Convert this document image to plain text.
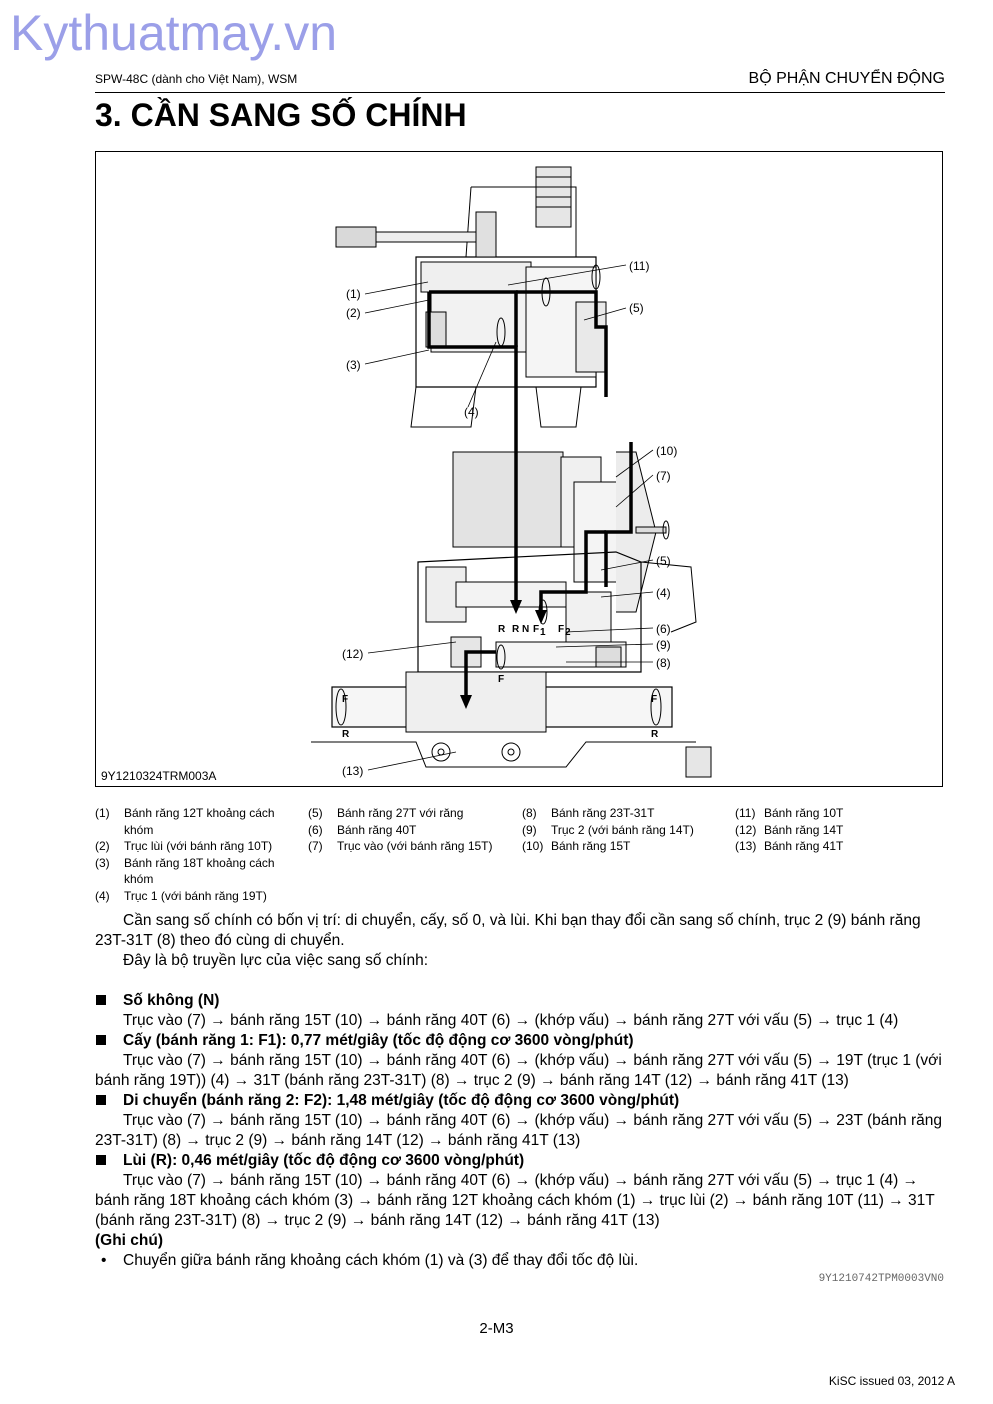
Kythuatmay.vn
SPW-48C (dành cho Việt Nam), WSM	BỘ PHẬN CHUYỂN ĐỘNG
3. CẦN SANG SỐ CHÍNH
(1)
(2)
(3)
(4)
(5)
(11)
(10)
(7)
(5)
(4)
(6)
(9)
(8)
(12)
(13)
R R N F 1 F 2
F
F
R
F
R
9Y1210324TRM003A
(1)	Bánh răng 12T khoảng cách khóm
(2)	Trục lùi (với bánh răng 10T)
(3)	Bánh răng 18T khoảng cách khóm
(4)	Trục 1 (với bánh răng 19T)
(5)	Bánh răng 27T với răng
(6)	Bánh răng 40T
(7)	Trục vào (với bánh răng 15T)
(8)	Bánh răng 23T-31T
(9)	Trục 2 (với bánh răng 14T)
(10) Bánh răng 15T
(11) Bánh răng 10T
(12) Bánh răng 14T
(13) Bánh răng 41T

Cần sang số chính có bốn vị trí: di chuyển, cấy, số 0, và lùi. Khi bạn thay đổi cần sang số chính, trục 2 (9) bánh răng 23T-31T (8) theo đó cùng di chuyển.

Đây là bộ truyền lực của việc sang số chính:

Số không (N)

Trục vào (7) → bánh răng 15T (10) → bánh răng 40T (6) → (khớp vấu) → bánh răng 27T với vấu (5) → trục 1 (4)

Cấy (bánh răng 1: F1): 0,77 mét/giây (tốc độ động cơ 3600 vòng/phút)

Trục vào (7) → bánh răng 15T (10) → bánh răng 40T (6) → (khớp vấu) → bánh răng 27T với vấu (5) → 19T (trục 1 (với bánh răng 19T)) (4) → 31T (bánh răng 23T-31T) (8) → trục 2 (9) → bánh răng 14T (12) → bánh răng 41T (13)

Di chuyển (bánh răng 2: F2): 1,48 mét/giây (tốc độ động cơ 3600 vòng/phút)

Trục vào (7) → bánh răng 15T (10) → bánh răng 40T (6) → (khớp vấu) → bánh răng 27T với vấu (5) → 23T (bánh răng 23T-31T) (8) → trục 2 (9) → bánh răng 14T (12) → bánh răng 41T (13)

Lùi (R): 0,46 mét/giây (tốc độ động cơ 3600 vòng/phút)

Trục vào (7) → bánh răng 15T (10) → bánh răng 40T (6) → (khớp vấu) → bánh răng 27T với vấu (5) → trục 1 (4) → bánh răng 18T khoảng cách khóm (3) → bánh răng 12T khoảng cách khóm (1) → trục lùi (2) → bánh răng 10T (11) → 31T (bánh răng 23T-31T) (8) → trục 2 (9) → bánh răng 14T (12) → bánh răng 41T (13)

(Ghi chú)
•	Chuyển giữa bánh răng khoảng cách khóm (1) và (3) để thay đổi tốc độ lùi.
9Y1210742TPM0003VN0
2-M3
KiSC issued 03, 2012 A
